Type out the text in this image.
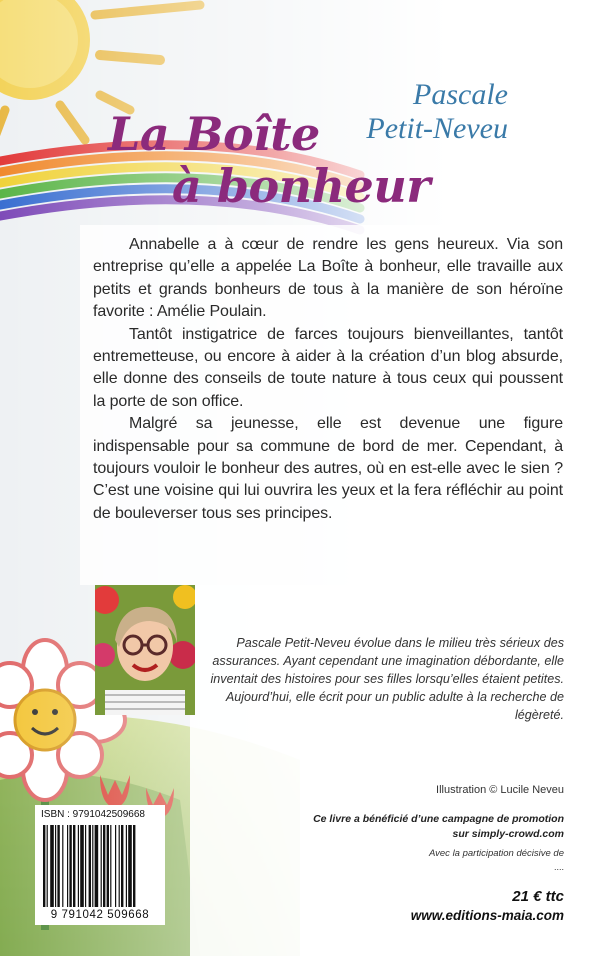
Pascale
Petit-Neveu
La Boîte
à bonheur

Annabelle a à cœur de rendre les gens heureux. Via son entreprise qu’elle a appelée La Boîte à bonheur, elle travaille aux petits et grands bonheurs de tous à la manière de son héroïne favorite : Amélie Poulain.

Tantôt instigatrice de farces toujours bienveillantes, tantôt entremetteuse, ou encore à aider à la création d’un blog absurde, elle donne des conseils de toute nature à tous ceux qui poussent la porte de son office.

Malgré sa jeunesse, elle est devenue une figure indispensable pour sa commune de bord de mer. Cependant, à toujours vouloir le bonheur des autres, où en est-elle avec le sien ? C’est une voisine qui lui ouvrira les yeux et la fera réfléchir au point de bouleverser tous ses principes.

Pascale Petit-Neveu évolue dans le milieu très sérieux des assurances. Ayant cependant une imagination débordante, elle inventait des histoires pour ses filles lorsqu’elles étaient petites. Aujourd’hui, elle écrit pour un public adulte à la recherche de légèreté.
Illustration © Lucile Neveu
Ce livre a bénéficié d’une campagne de promotion
sur simply-crowd.com
Avec la participation décisive de
....
21 € ttc
www.editions-maia.com
ISBN : 9791042509668
9 791042 509668
